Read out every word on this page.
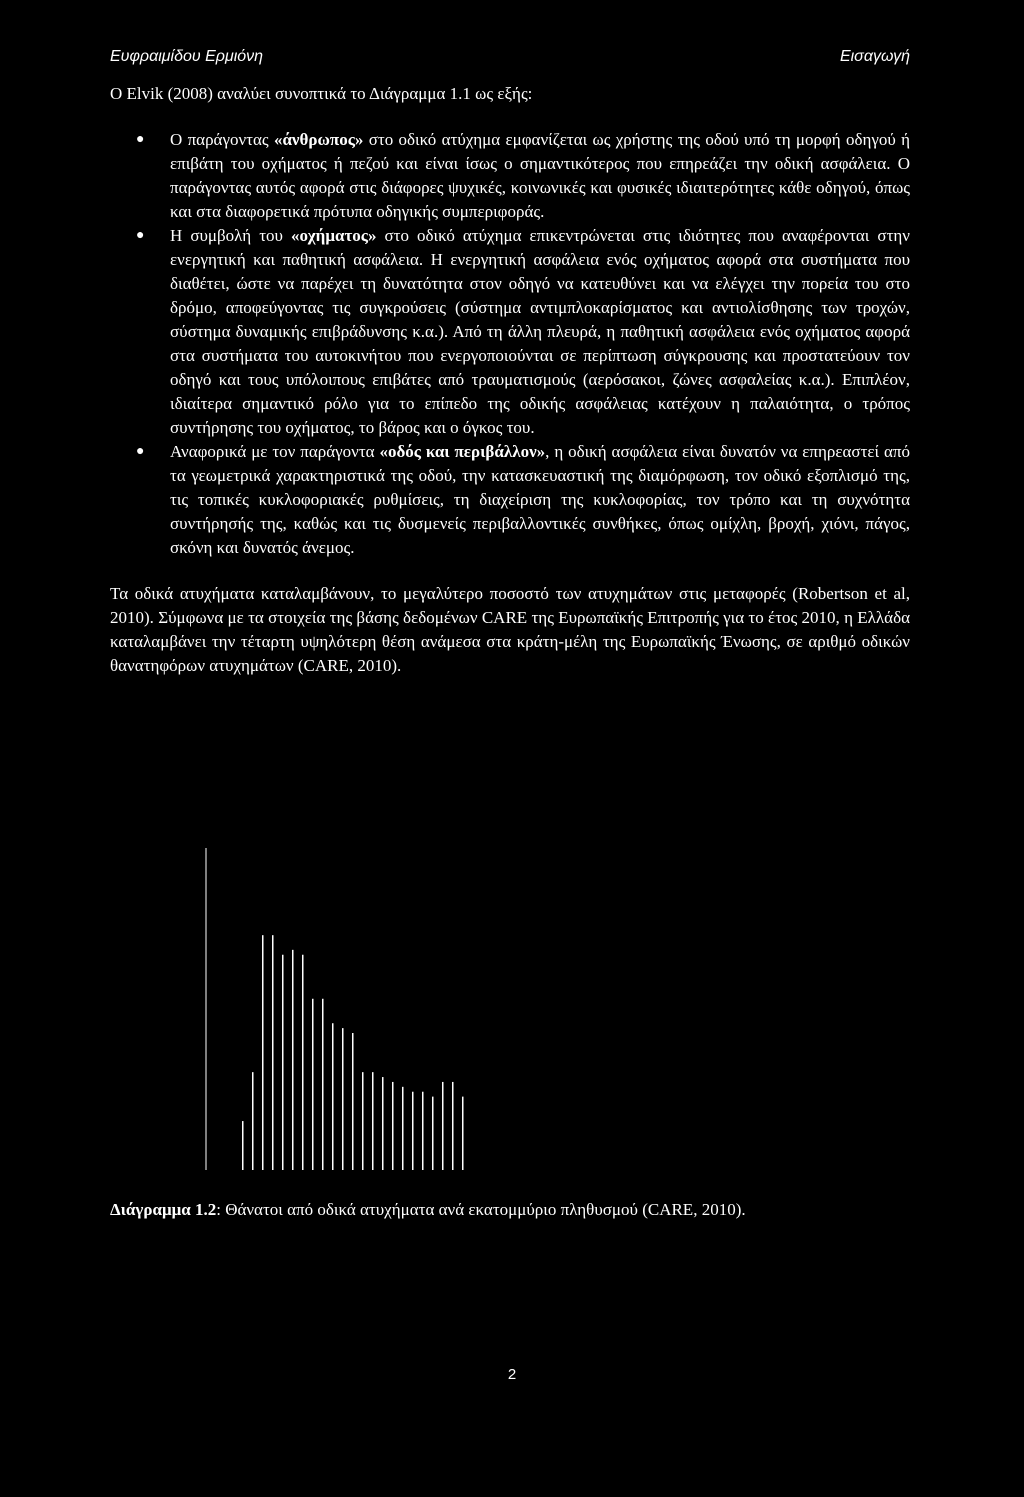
Ευφραιμίδου Ερμιόνη	Εισαγωγή

Ο Elvik (2008) αναλύει συνοπτικά το Διάγραμμα 1.1 ως εξής:

● Ο παράγοντας «άνθρωπος» στο οδικό ατύχημα εμφανίζεται ως χρήστης της οδού υπό τη μορφή οδηγού ή επιβάτη του οχήματος ή πεζού και είναι ίσως ο σημαντικότερος που επηρεάζει την οδική ασφάλεια. Ο παράγοντας αυτός αφορά στις διάφορες ψυχικές, κοινωνικές και φυσικές ιδιαιτερότητες κάθε οδηγού, όπως και στα διαφορετικά πρότυπα οδηγικής συμπεριφοράς.
● Η συμβολή του «οχήματος» στο οδικό ατύχημα επικεντρώνεται στις ιδιότητες που αναφέρονται στην ενεργητική και παθητική ασφάλεια. Η ενεργητική ασφάλεια ενός οχήματος αφορά στα συστήματα που διαθέτει, ώστε να παρέχει τη δυνατότητα στον οδηγό να κατευθύνει και να ελέγχει την πορεία του στο δρόμο, αποφεύγοντας τις συγκρούσεις (σύστημα αντιμπλοκαρίσματος και αντιολίσθησης των τροχών, σύστημα δυναμικής επιβράδυνσης κ.α.). Από τη άλλη πλευρά, η παθητική ασφάλεια ενός οχήματος αφορά στα συστήματα του αυτοκινήτου που ενεργοποιούνται σε περίπτωση σύγκρουσης και προστατεύουν τον οδηγό και τους υπόλοιπους επιβάτες από τραυματισμούς (αερόσακοι, ζώνες ασφαλείας κ.α.). Επιπλέον, ιδιαίτερα σημαντικό ρόλο για το επίπεδο της οδικής ασφάλειας κατέχουν η παλαιότητα, ο τρόπος συντήρησης του οχήματος, το βάρος και ο όγκος του.
● Αναφορικά με τον παράγοντα «οδός και περιβάλλον», η οδική ασφάλεια είναι δυνατόν να επηρεαστεί από τα γεωμετρικά χαρακτηριστικά της οδού, την κατασκευαστική της διαμόρφωση, τον οδικό εξοπλισμό της, τις τοπικές κυκλοφοριακές ρυθμίσεις, τη διαχείριση της κυκλοφορίας, τον τρόπο και τη συχνότητα συντήρησής της, καθώς και τις δυσμενείς περιβαλλοντικές συνθήκες, όπως ομίχλη, βροχή, χιόνι, πάγος, σκόνη και δυνατός άνεμος.

Τα οδικά ατυχήματα καταλαμβάνουν, το μεγαλύτερο ποσοστό των ατυχημάτων στις μεταφορές (Robertson et al, 2010). Σύμφωνα με τα στοιχεία της βάσης δεδομένων CARE της Ευρωπαϊκής Επιτροπής για το έτος 2010, η Ελλάδα καταλαμβάνει την τέταρτη υψηλότερη θέση ανάμεσα στα κράτη-μέλη της Ευρωπαϊκής Ένωσης, σε αριθμό οδικών θανατηφόρων ατυχημάτων (CARE, 2010).

Διάγραμμα 1.2: Θάνατοι από οδικά ατυχήματα ανά εκατομμύριο πληθυσμού (CARE, 2010).
2
